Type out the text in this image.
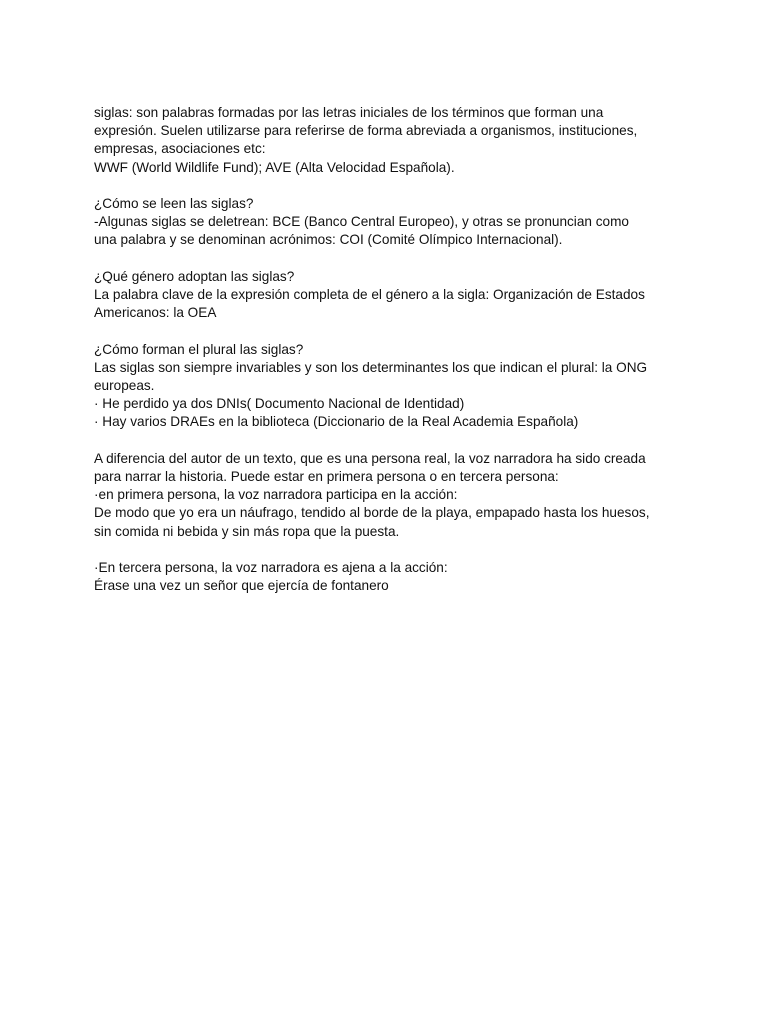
siglas: son palabras formadas por las letras iniciales de los términos que forman una
expresión. Suelen utilizarse para referirse de forma abreviada a organismos, instituciones,
empresas, asociaciones etc:
WWF (World Wildlife Fund); AVE (Alta Velocidad Española).

¿Cómo se leen las siglas?
-Algunas siglas se deletrean: BCE (Banco Central Europeo), y otras se pronuncian como
una palabra y se denominan acrónimos: COI (Comité Olímpico Internacional).

¿Qué género adoptan las siglas?
La palabra clave de la expresión completa de el género a la sigla: Organización de Estados
Americanos: la OEA

¿Cómo forman el plural las siglas?
Las siglas son siempre invariables y son los determinantes los que indican el plural: la ONG
europeas.
· He perdido ya dos DNIs( Documento Nacional de Identidad)
· Hay varios DRAEs en la biblioteca (Diccionario de la Real Academia Española)

A diferencia del autor de un texto, que es una persona real, la voz narradora ha sido creada
para narrar la historia. Puede estar en primera persona o en tercera persona:
·en primera persona, la voz narradora participa en la acción:
De modo que yo era un náufrago, tendido al borde de la playa, empapado hasta los huesos,
sin comida ni bebida y sin más ropa que la puesta.

·En tercera persona, la voz narradora es ajena a la acción:
Érase una vez un señor que ejercía de fontanero
